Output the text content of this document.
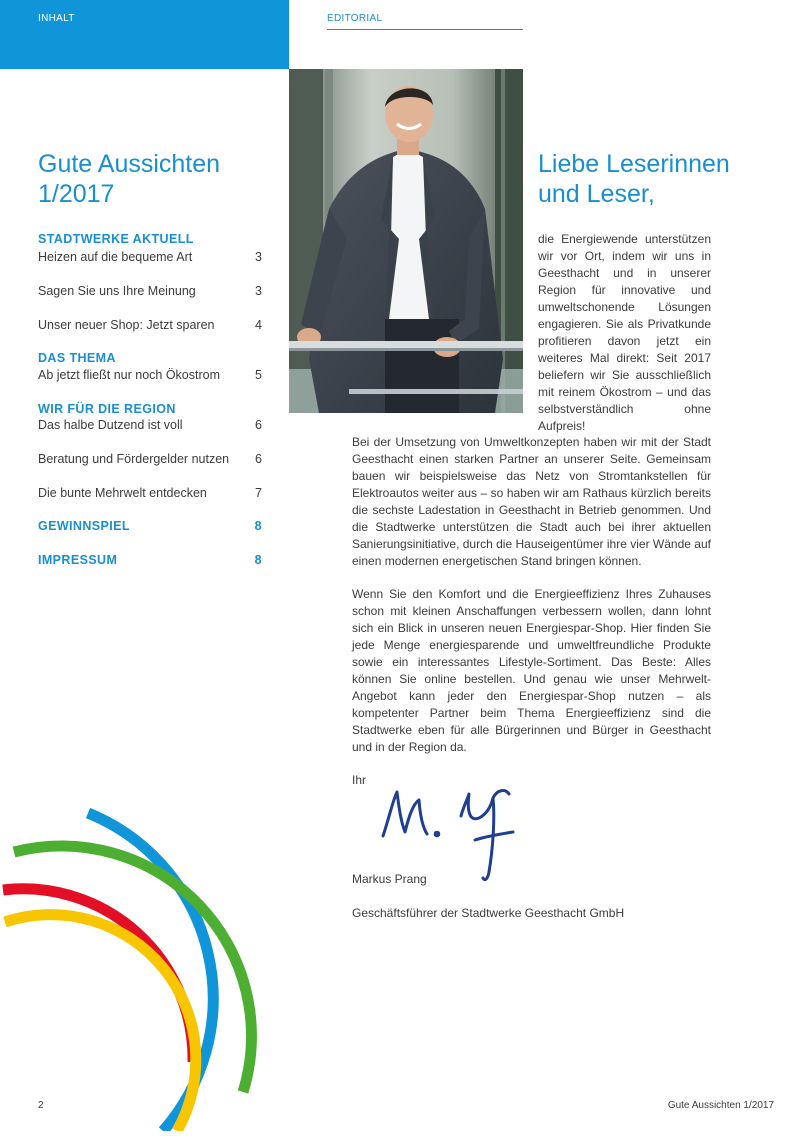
INHALT	EDITORIAL
Gute Aussichten 1/2017
STADTWERKE AKTUELL
Heizen auf die bequeme Art	3
Sagen Sie uns Ihre Meinung	3
Unser neuer Shop: Jetzt sparen	4
DAS THEMA
Ab jetzt fließt nur noch Ökostrom	5
WIR FÜR DIE REGION
Das halbe Dutzend ist voll	6
Beratung und Fördergelder nutzen 6
Die bunte Mehrwelt entdecken	7
GEWINNSPIEL	8
IMPRESSUM	8
Liebe Leserinnen und Leser,
die Energiewende unterstützen wir vor Ort, indem wir uns in Geesthacht und in unserer Region für innovative und umweltschonende Lösungen engagieren. Sie als Privatkunde profitieren davon jetzt ein weiteres Mal direkt: Seit 2017 beliefern wir Sie ausschließlich mit reinem Ökostrom – und das selbstverständlich ohne Aufpreis!

Bei der Umsetzung von Umweltkonzepten haben wir mit der Stadt Geesthacht einen starken Partner an unserer Seite. Gemeinsam bauen wir beispielsweise das Netz von Stromtankstellen für Elektroautos weiter aus – so haben wir am Rathaus kürzlich bereits die sechste Ladestation in Geesthacht in Betrieb genommen. Und die Stadtwerke unterstützen die Stadt auch bei ihrer aktuellen Sanierungsinitiative, durch die Hauseigentümer ihre vier Wände auf einen modernen energetischen Stand bringen können.

Wenn Sie den Komfort und die Energieeffizienz Ihres Zuhauses schon mit kleinen Anschaffungen verbessern wollen, dann lohnt sich ein Blick in unseren neuen Energiespar-Shop. Hier finden Sie jede Menge energiesparende und umweltfreundliche Produkte sowie ein interessantes Lifestyle-Sortiment. Das Beste: Alles können Sie online bestellen. Und genau wie unser Mehrwelt-Angebot kann jeder den Energiespar-Shop nutzen – als kompetenter Partner beim Thema Energieeffizienz sind die Stadtwerke eben für alle Bürgerinnen und Bürger in Geesthacht und in der Region da.

Ihr

Markus Prang
Geschäftsführer der Stadtwerke Geesthacht GmbH
2	Gute Aussichten 1/2017
